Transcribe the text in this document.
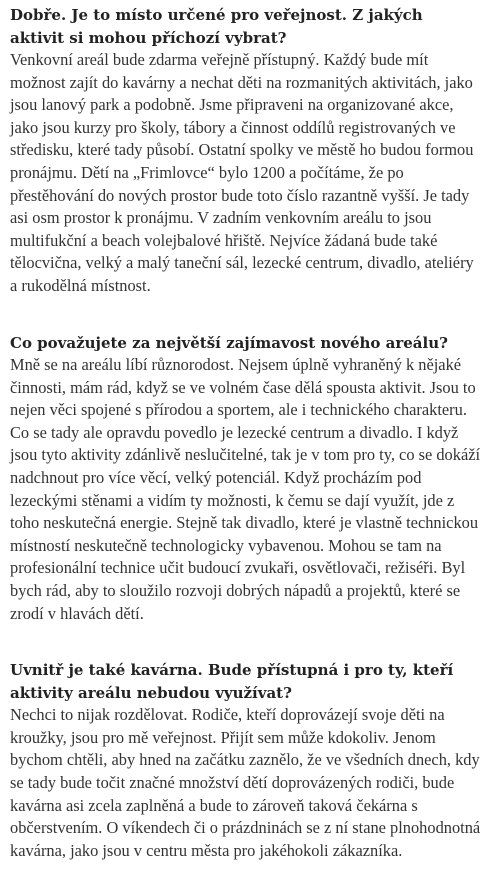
Dobře. Je to místo určené pro veřejnost. Z jakých aktivit si mohou příchozí vybrat?

Venkovní areál bude zdarma veřejně přístupný. Každý bude mít možnost zajít do kavárny a nechat děti na rozmanitých aktivitách, jako jsou lanový park a podobně. Jsme připraveni na organizované akce, jako jsou kurzy pro školy, tábory a činnost oddílů registrovaných ve středisku, které tady působí. Ostatní spolky ve městě ho budou formou pronájmu. Dětí na „Frimlovce“ bylo 1200 a počítáme, že po přestěhování do nových prostor bude toto číslo razantně vyšší. Je tady asi osm prostor k pronájmu. V zadním venkovním areálu to jsou multifukční a beach volejbalové hřiště. Nejvíce žádaná bude také tělocvična, velký a malý taneční sál, lezecké centrum, divadlo, ateliéry a rukodělná místnost.

Co považujete za největší zajímavost nového areálu?

Mně se na areálu líbí různorodost. Nejsem úplně vyhraněný k nějaké činnosti, mám rád, když se ve volném čase dělá spousta aktivit. Jsou to nejen věci spojené s přírodou a sportem, ale i technického charakteru. Co se tady ale opravdu povedlo je lezecké centrum a divadlo. I když jsou tyto aktivity zdánlivě neslučitelné, tak je v tom pro ty, co se dokáží nadchnout pro více věcí, velký potenciál. Když procházím pod lezeckými stěnami a vidím ty možnosti, k čemu se dají využít, jde z toho neskutečná energie. Stejně tak divadlo, které je vlastně technickou místností neskutečně technologicky vybavenou. Mohou se tam na profesionální technice učit budoucí zvukaři, osvětlovači, režiséři. Byl bych rád, aby to sloužilo rozvoji dobrých nápadů a projektů, které se zrodí v hlavách dětí.

Uvnitř je také kavárna. Bude přístupná i pro ty, kteří aktivity areálu nebudou využívat?

Nechci to nijak rozdělovat. Rodiče, kteří doprovázejí svoje děti na kroužky, jsou pro mě veřejnost. Přijít sem může kdokoliv. Jenom bychom chtěli, aby hned na začátku zaznělo, že ve všedních dnech, kdy se tady bude točit značné množství dětí doprovázených rodiči, bude kavárna asi zcela zaplněná a bude to zároveň taková čekárna s občerstvením. O víkendech či o prázdninách se z ní stane plnohodnotná kavárna, jako jsou v centru města pro jakéhokoli zákazníka.
